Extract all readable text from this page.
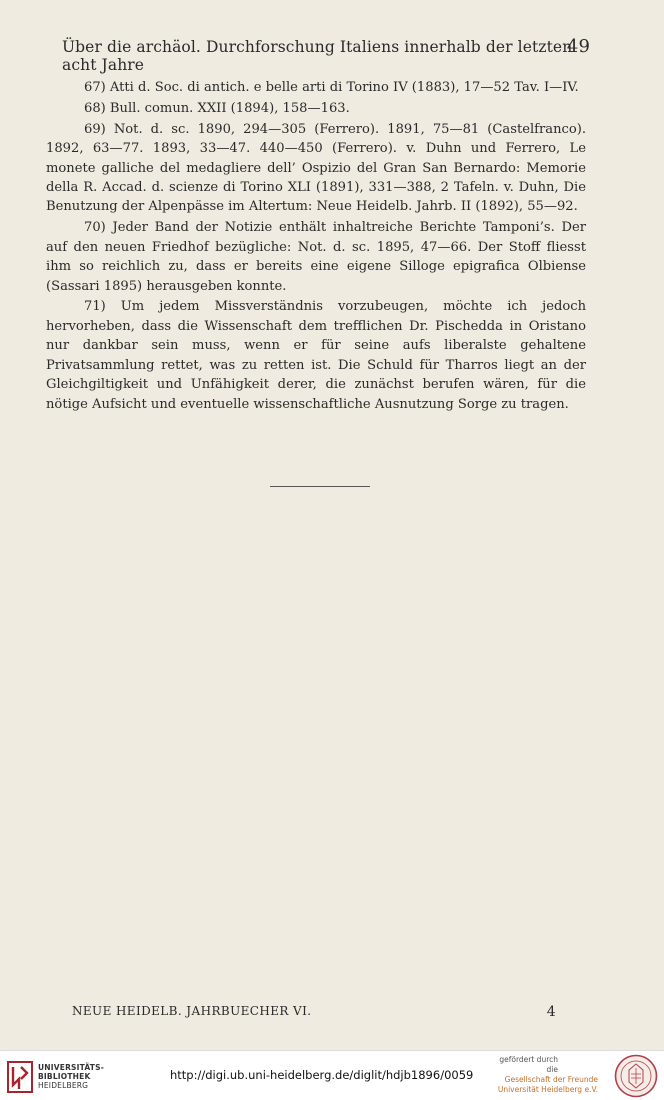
Über die archäol. Durchforschung Italiens innerhalb der letzten acht Jahre
49

67) Atti d. Soc. di antich. e belle arti di Torino IV (1883), 17—52 Tav. I—IV.

68) Bull. comun. XXII (1894), 158—163.

69) Not. d. sc. 1890, 294—305 (Ferrero). 1891, 75—81 (Castelfranco). 1892, 63—77. 1893, 33—47. 440—450 (Ferrero). v. Duhn und Ferrero, Le monete galliche del medagliere dell’ Ospizio del Gran San Bernardo: Memorie della R. Accad. d. scienze di Torino XLI (1891), 331—388, 2 Tafeln. v. Duhn, Die Benutzung der Alpenpässe im Altertum: Neue Heidelb. Jahrb. II (1892), 55—92.

70) Jeder Band der Notizie enthält inhaltreiche Berichte Tamponi’s. Der auf den neuen Friedhof bezügliche: Not. d. sc. 1895, 47—66. Der Stoff fliesst ihm so reichlich zu, dass er bereits eine eigene Silloge epigrafica Olbiense (Sassari 1895) herausgeben konnte.

71) Um jedem Missverständnis vorzubeugen, möchte ich jedoch hervorheben, dass die Wissenschaft dem trefflichen Dr. Pischedda in Oristano nur dankbar sein muss, wenn er für seine aufs liberalste gehaltene Privatsammlung rettet, was zu retten ist. Die Schuld für Tharros liegt an der Gleichgiltigkeit und Unfähigkeit derer, die zunächst berufen wären, für die nötige Aufsicht und eventuelle wissenschaftliche Ausnutzung Sorge zu tragen.

NEUE HEIDELB. JAHRBUECHER VI.	4
UNIVERSITÄTS-
BIBLIOTHEK
HEIDELBERG
http://digi.ub.uni-heidelberg.de/diglit/hdjb1896/0059
gefördert durch die
Gesellschaft der Freunde
Universität Heidelberg e.V.
